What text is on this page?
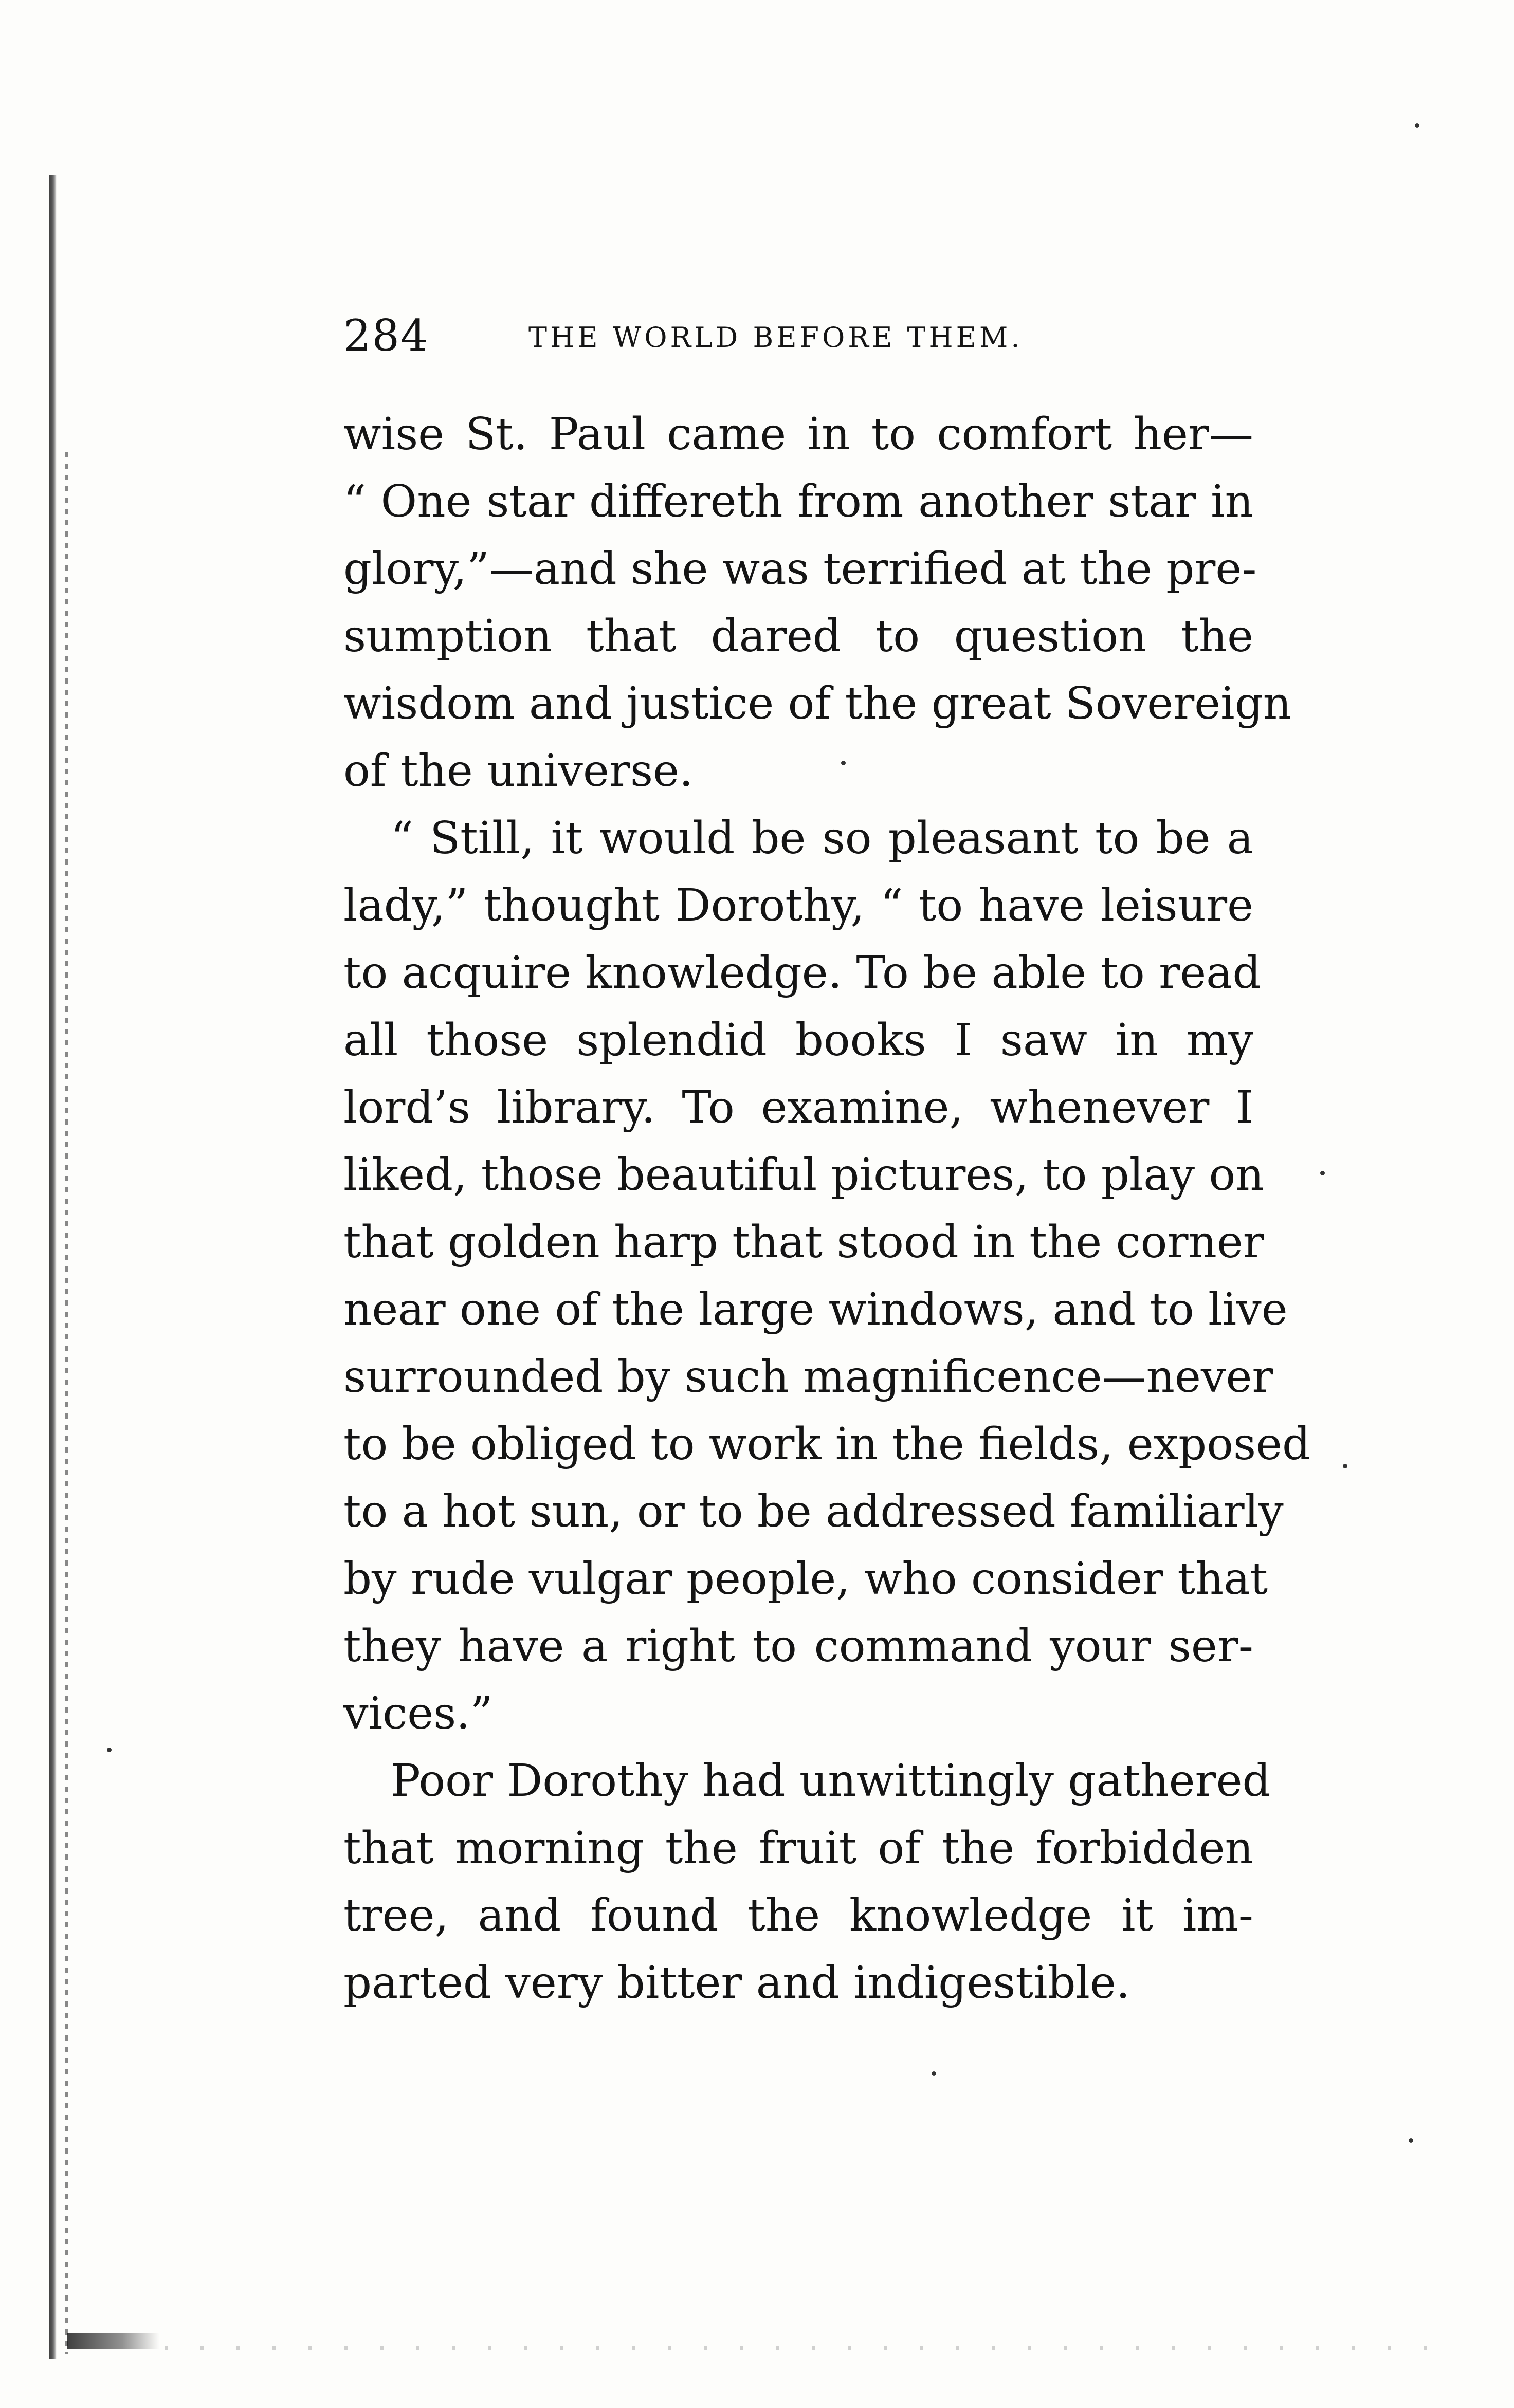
284	THE WORLD BEFORE THEM.
wise St. Paul came in to comfort her—
“ One star differeth from another star in
glory,”—and she was terrified at the pre-
sumption that dared to question the
wisdom and justice of the great Sovereign
of the universe.
“ Still, it would be so pleasant to be a
lady,” thought Dorothy, “ to have leisure
to acquire knowledge. To be able to read
all those splendid books I saw in my
lord’s library. To examine, whenever I
liked, those beautiful pictures, to play on
that golden harp that stood in the corner
near one of the large windows, and to live
surrounded by such magnificence—never
to be obliged to work in the fields, exposed
to a hot sun, or to be addressed familiarly
by rude vulgar people, who consider that
they have a right to command your ser-
vices.”
Poor Dorothy had unwittingly gathered
that morning the fruit of the forbidden
tree, and found the knowledge it im-
parted very bitter and indigestible.
